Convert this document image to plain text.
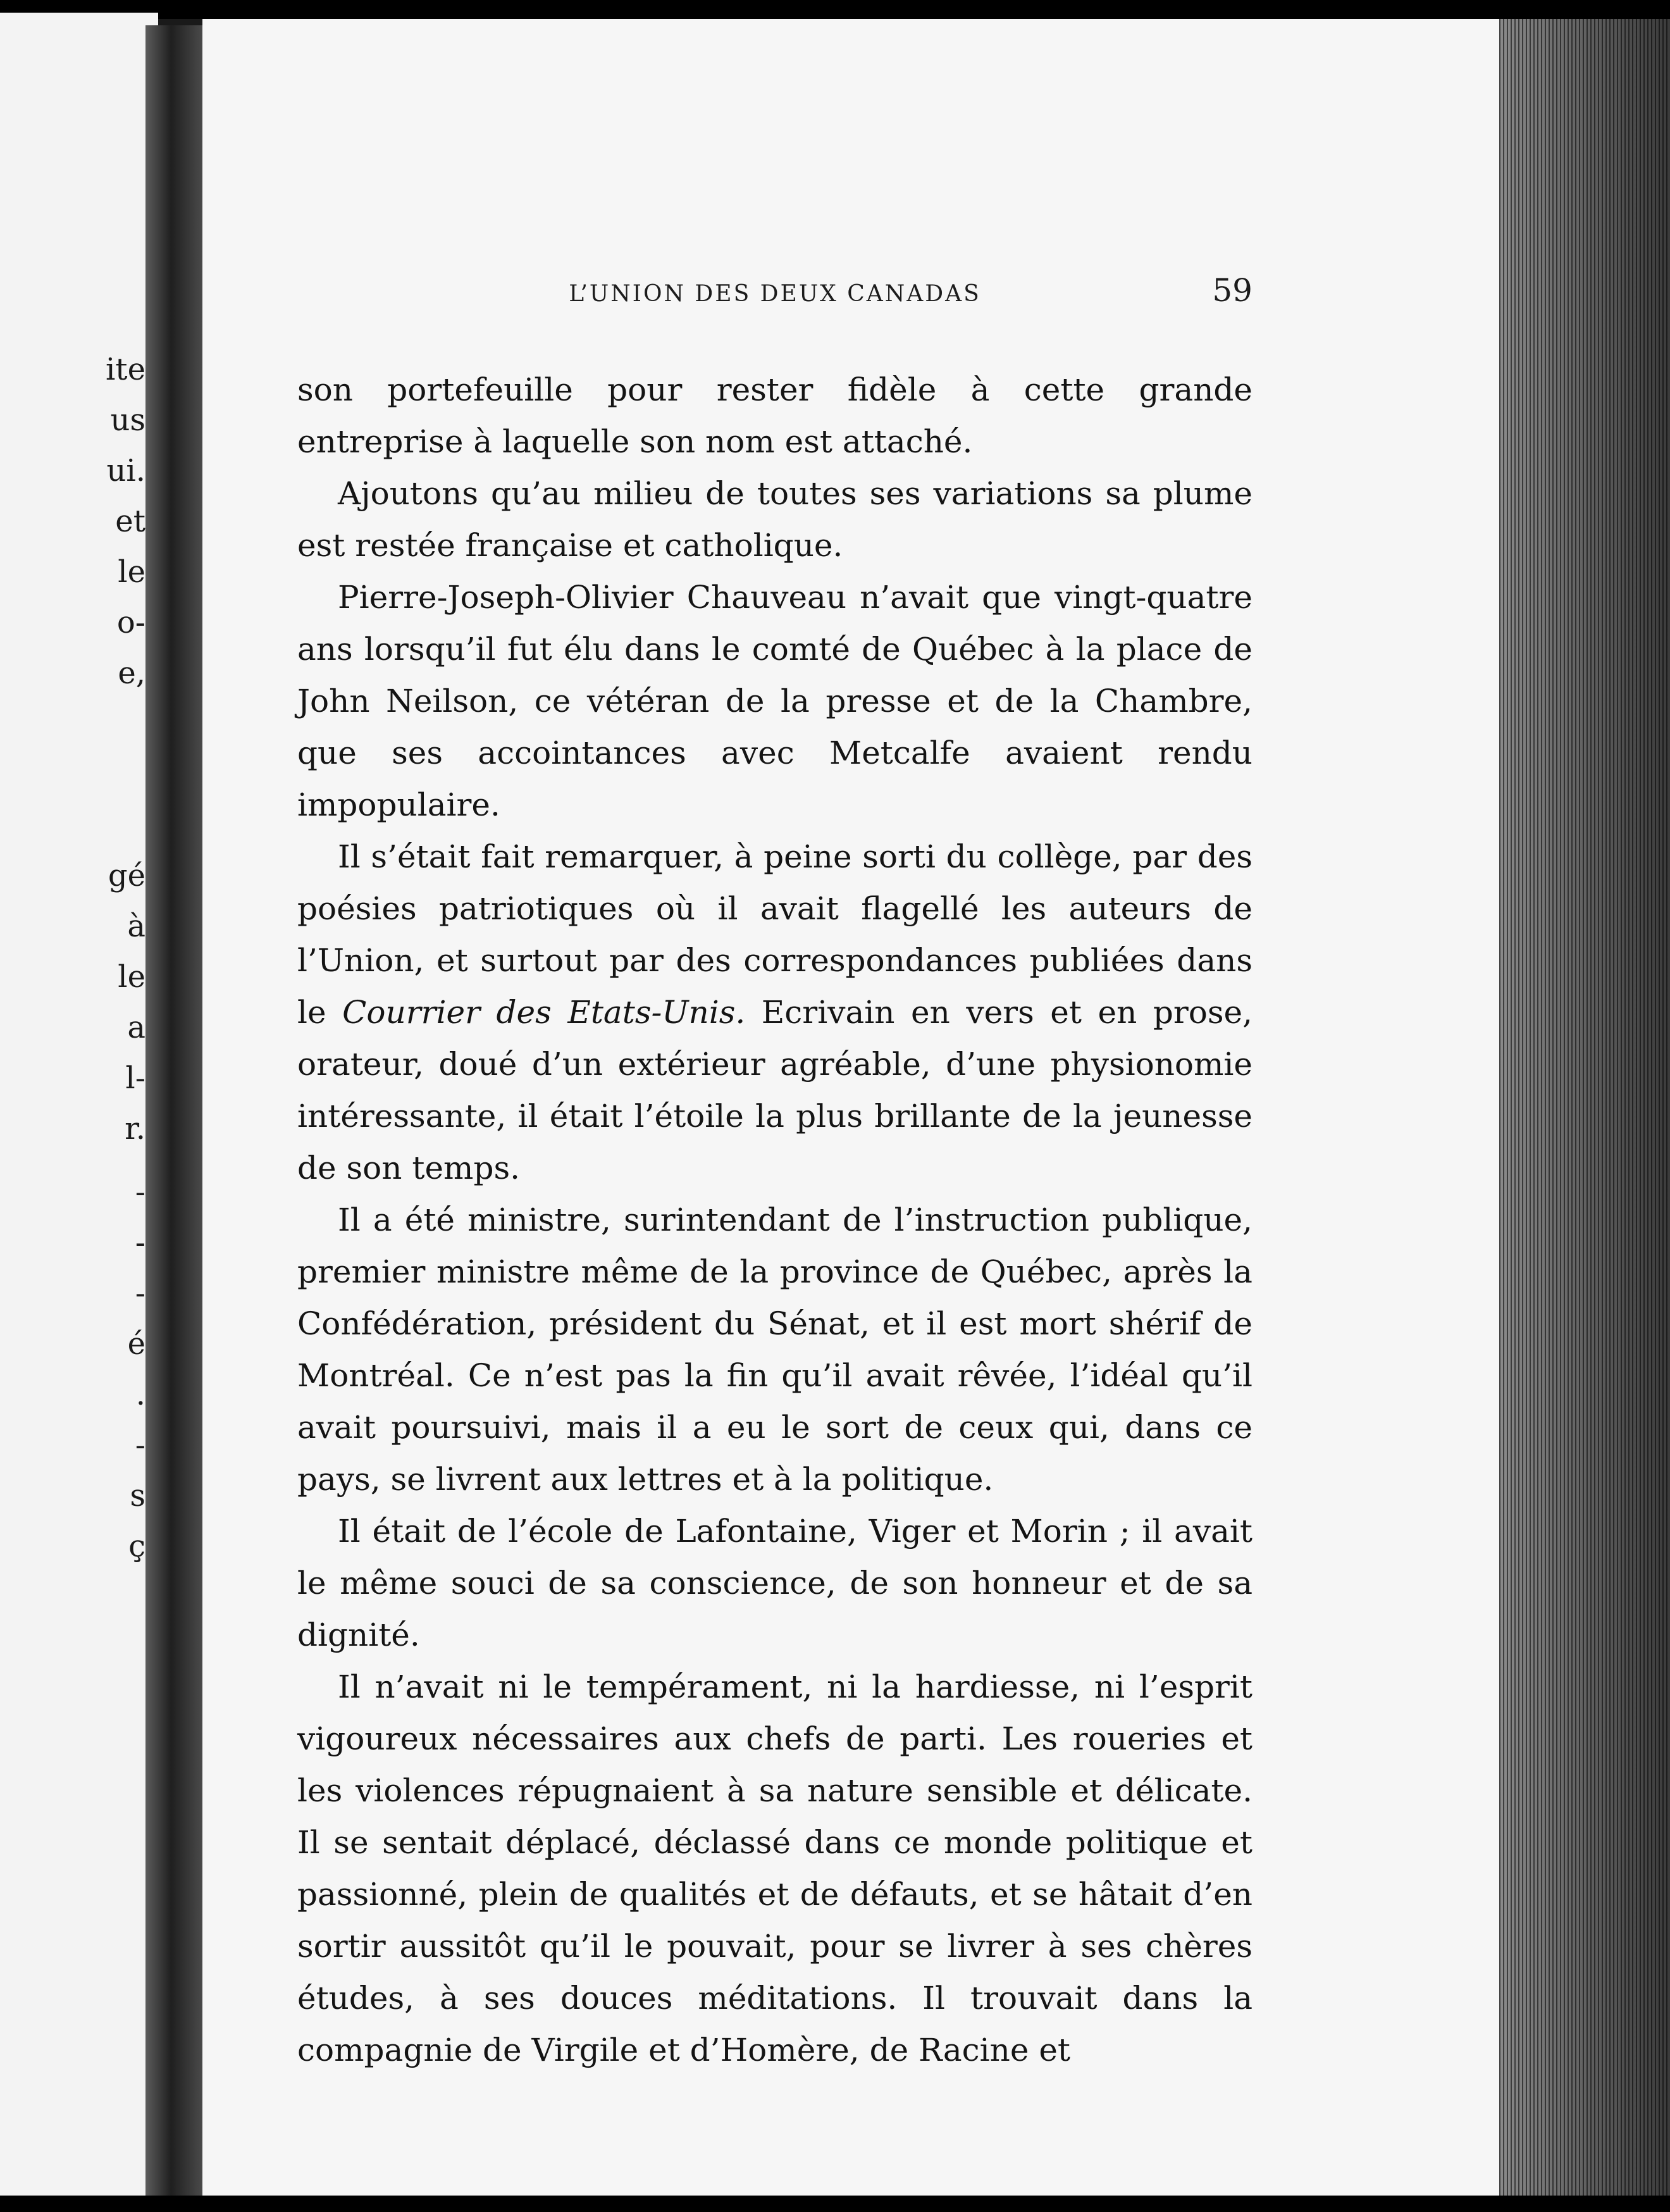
ite
us
ui.
et
le
o-
e,
gé
à
le
a
l-
r.
-
-
-
é
.
-
s
ç
L’UNION DES DEUX CANADAS	59

son portefeuille pour rester fidèle à cette grande entreprise à laquelle son nom est attaché.

Ajoutons qu’au milieu de toutes ses variations sa plume est restée française et catholique.

Pierre-Joseph-Olivier Chauveau n’avait que vingt-quatre ans lorsqu’il fut élu dans le comté de Québec à la place de John Neilson, ce vétéran de la presse et de la Chambre, que ses accointances avec Metcalfe avaient rendu impopulaire.

Il s’était fait remarquer, à peine sorti du collège, par des poésies patriotiques où il avait flagellé les auteurs de l’Union, et surtout par des correspondances publiées dans le Courrier des Etats-Unis. Ecrivain en vers et en prose, orateur, doué d’un extérieur agréable, d’une physionomie intéressante, il était l’étoile la plus brillante de la jeunesse de son temps.

Il a été ministre, surintendant de l’instruction publique, premier ministre même de la province de Québec, après la Confédération, président du Sénat, et il est mort shérif de Montréal. Ce n’est pas la fin qu’il avait rêvée, l’idéal qu’il avait poursuivi, mais il a eu le sort de ceux qui, dans ce pays, se livrent aux lettres et à la politique.

Il était de l’école de Lafontaine, Viger et Morin ; il avait le même souci de sa conscience, de son honneur et de sa dignité.

Il n’avait ni le tempérament, ni la hardiesse, ni l’esprit vigoureux nécessaires aux chefs de parti. Les roueries et les violences répugnaient à sa nature sensible et délicate. Il se sentait déplacé, déclassé dans ce monde politique et passionné, plein de qualités et de défauts, et se hâtait d’en sortir aussitôt qu’il le pouvait, pour se livrer à ses chères études, à ses douces méditations. Il trouvait dans la compagnie de Virgile et d’Homère, de Racine et
